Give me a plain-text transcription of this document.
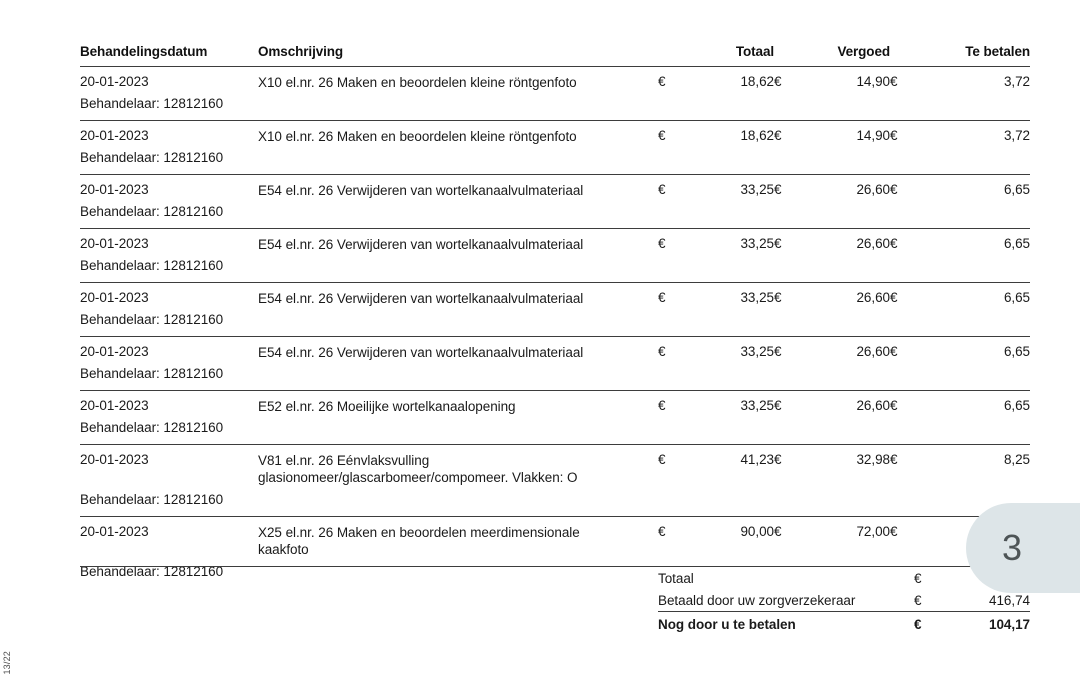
13/22
Behandelingsdatum	Omschrijving	Totaal		Vergoed		Te betalen	
20-01-2023	X10 el.nr. 26 Maken en beoordelen kleine röntgenfoto	€	18,62	€	14,90	€	3,72
Behandelaar: 12812160							
20-01-2023	X10 el.nr. 26 Maken en beoordelen kleine röntgenfoto	€	18,62	€	14,90	€	3,72
Behandelaar: 12812160							
20-01-2023	E54 el.nr. 26 Verwijderen van wortelkanaalvulmateriaal	€	33,25	€	26,60	€	6,65
Behandelaar: 12812160							
20-01-2023	E54 el.nr. 26 Verwijderen van wortelkanaalvulmateriaal	€	33,25	€	26,60	€	6,65
Behandelaar: 12812160							
20-01-2023	E54 el.nr. 26 Verwijderen van wortelkanaalvulmateriaal	€	33,25	€	26,60	€	6,65
Behandelaar: 12812160							
20-01-2023	E54 el.nr. 26 Verwijderen van wortelkanaalvulmateriaal	€	33,25	€	26,60	€	6,65
Behandelaar: 12812160							
20-01-2023	E52 el.nr. 26 Moeilijke wortelkanaalopening	€	33,25	€	26,60	€	6,65
Behandelaar: 12812160							
20-01-2023	V81 el.nr. 26 Eénvlaksvulling
glasionomeer/glascarbomeer/compomeer. Vlakken: O	€	41,23	€	32,98	€	8,25
Behandelaar: 12812160							
20-01-2023	X25 el.nr. 26 Maken en beoordelen meerdimensionale
kaakfoto	€	90,00	€	72,00	€	
Behandelaar: 12812160							
		Totaal	€	
	Betaald door uw zorgverzekeraar	€	416,74
	Nog door u te betalen	€	104,17
3
